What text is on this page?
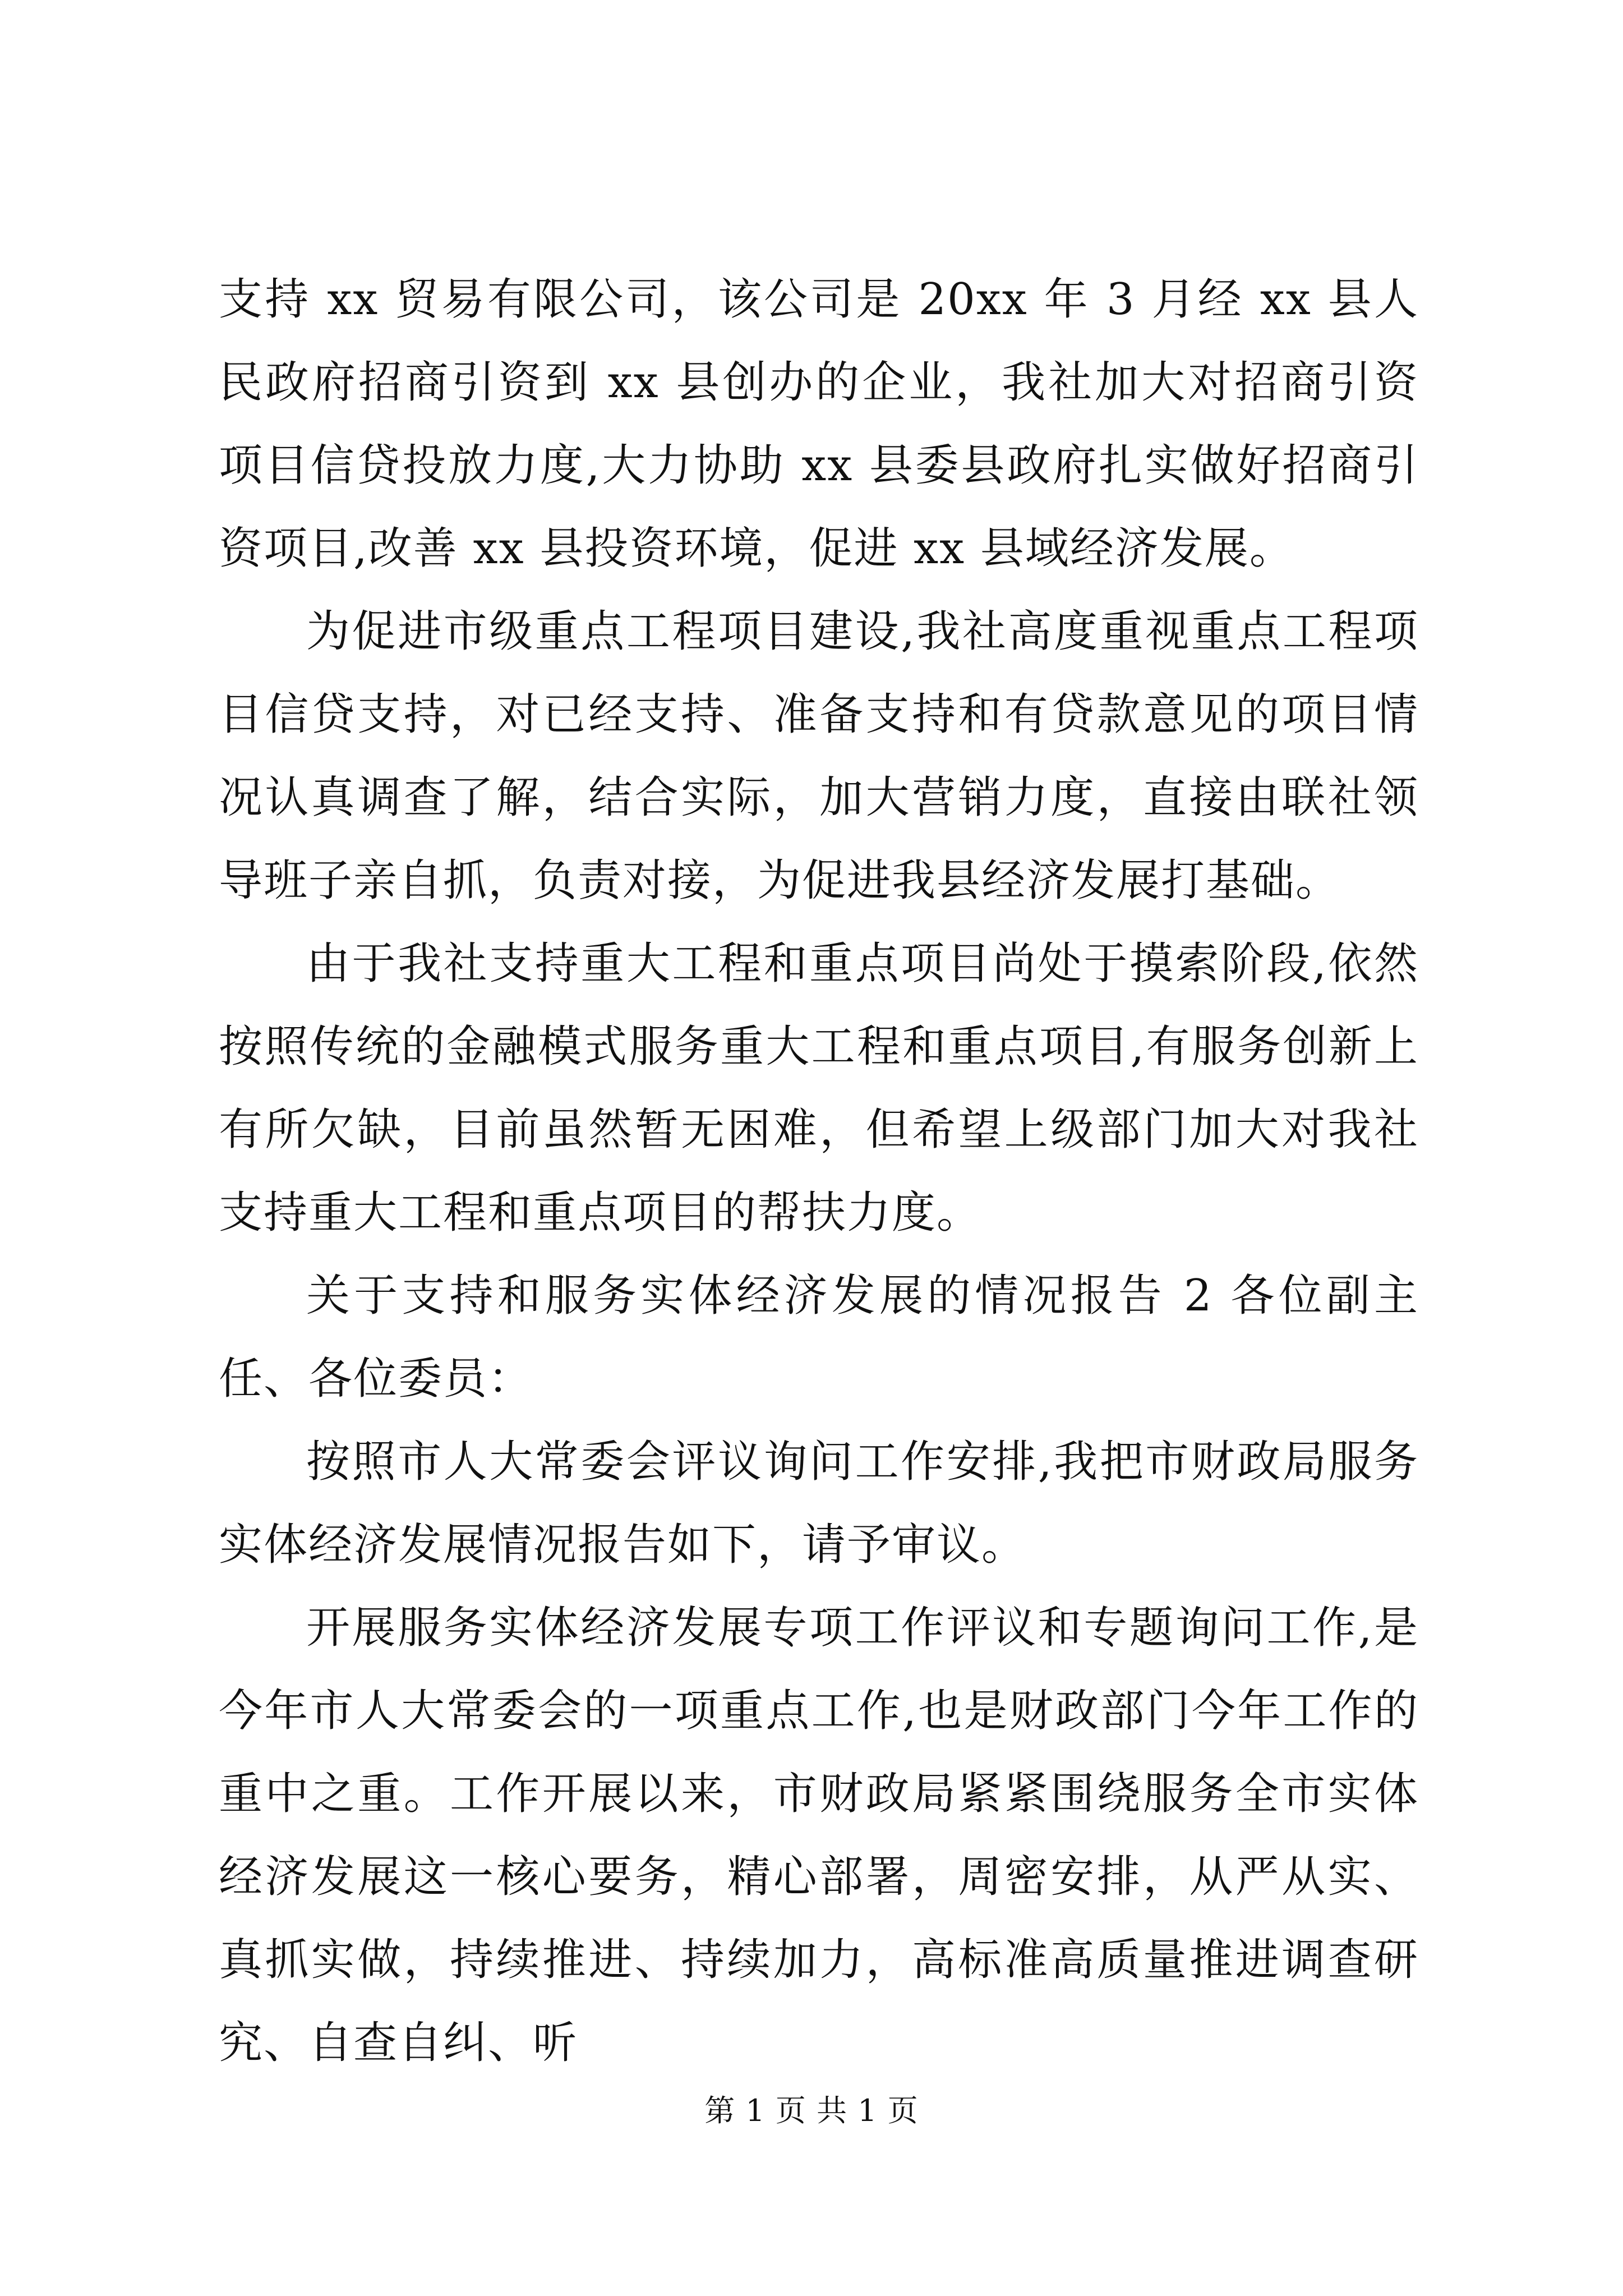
支持 xx 贸易有限公司，该公司是 20xx 年 3 月经 xx 县人民政府招商引资到 xx 县创办的企业，我社加大对招商引资项目信贷投放力度,大力协助 xx 县委县政府扎实做好招商引资项目,改善 xx 县投资环境，促进 xx 县域经济发展。

为促进市级重点工程项目建设,我社高度重视重点工程项目信贷支持，对已经支持、准备支持和有贷款意见的项目情况认真调查了解，结合实际，加大营销力度，直接由联社领导班子亲自抓，负责对接，为促进我县经济发展打基础。

由于我社支持重大工程和重点项目尚处于摸索阶段,依然按照传统的金融模式服务重大工程和重点项目,有服务创新上有所欠缺，目前虽然暂无困难，但希望上级部门加大对我社支持重大工程和重点项目的帮扶力度。

关于支持和服务实体经济发展的情况报告 2 各位副主任、各位委员：

按照市人大常委会评议询问工作安排,我把市财政局服务实体经济发展情况报告如下，请予审议。

开展服务实体经济发展专项工作评议和专题询问工作,是今年市人大常委会的一项重点工作,也是财政部门今年工作的重中之重。工作开展以来，市财政局紧紧围绕服务全市实体经济发展这一核心要务，精心部署，周密安排，从严从实、真抓实做，持续推进、持续加力，高标准高质量推进调查研究、自查自纠、听

第 1 页 共 1 页
